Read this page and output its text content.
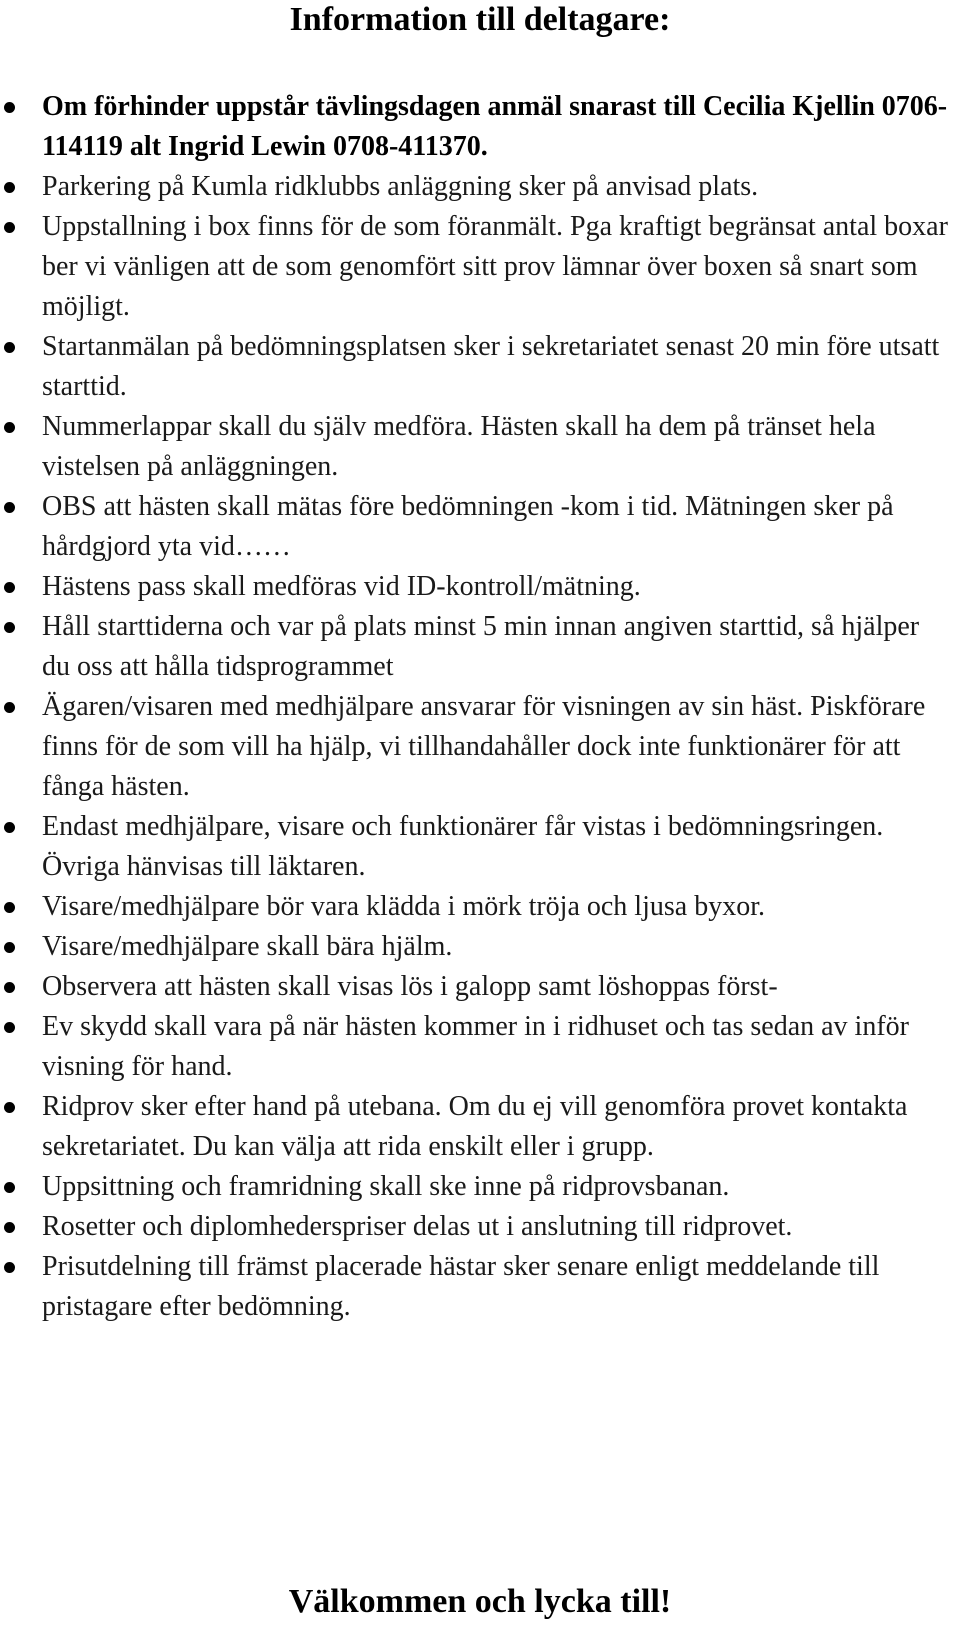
Information till deltagare:
Om förhinder uppstår tävlingsdagen anmäl snarast till Cecilia Kjellin 0706-114119 alt Ingrid Lewin 0708-411370.
Parkering på Kumla ridklubbs anläggning sker på anvisad plats.
Uppstallning i box finns för de som föranmält. Pga kraftigt begränsat antal boxar ber vi vänligen att de som genomfört sitt prov lämnar över boxen så snart som möjligt.
Startanmälan på bedömningsplatsen sker i sekretariatet senast 20 min före utsatt starttid.
Nummerlappar skall du själv medföra. Hästen skall ha dem på tränset hela vistelsen på anläggningen.
OBS att hästen skall mätas före bedömningen -kom i tid. Mätningen sker på hårdgjord yta vid……
Hästens pass skall medföras vid ID-kontroll/mätning.
Håll starttiderna och var på plats minst 5 min innan angiven starttid, så hjälper du oss att hålla tidsprogrammet
Ägaren/visaren med medhjälpare ansvarar för visningen av sin häst. Piskförare finns för de som vill ha hjälp, vi tillhandahåller dock inte funktionärer för att fånga hästen.
Endast medhjälpare, visare och funktionärer får vistas i bedömningsringen. Övriga hänvisas till läktaren.
Visare/medhjälpare bör vara klädda i mörk tröja och ljusa byxor.
Visare/medhjälpare skall bära hjälm.
Observera att hästen skall visas lös i galopp samt löshoppas först-
Ev skydd skall vara på när hästen kommer in i ridhuset och tas sedan av inför visning för hand.
Ridprov sker efter hand på utebana. Om du ej vill genomföra provet kontakta sekretariatet. Du kan välja att rida enskilt eller i grupp.
Uppsittning och framridning skall ske inne på ridprovsbanan.
Rosetter och diplomhederspriser delas ut i anslutning till ridprovet.
Prisutdelning till främst placerade hästar sker senare enligt meddelande till pristagare efter bedömning.
Välkommen och lycka till!
